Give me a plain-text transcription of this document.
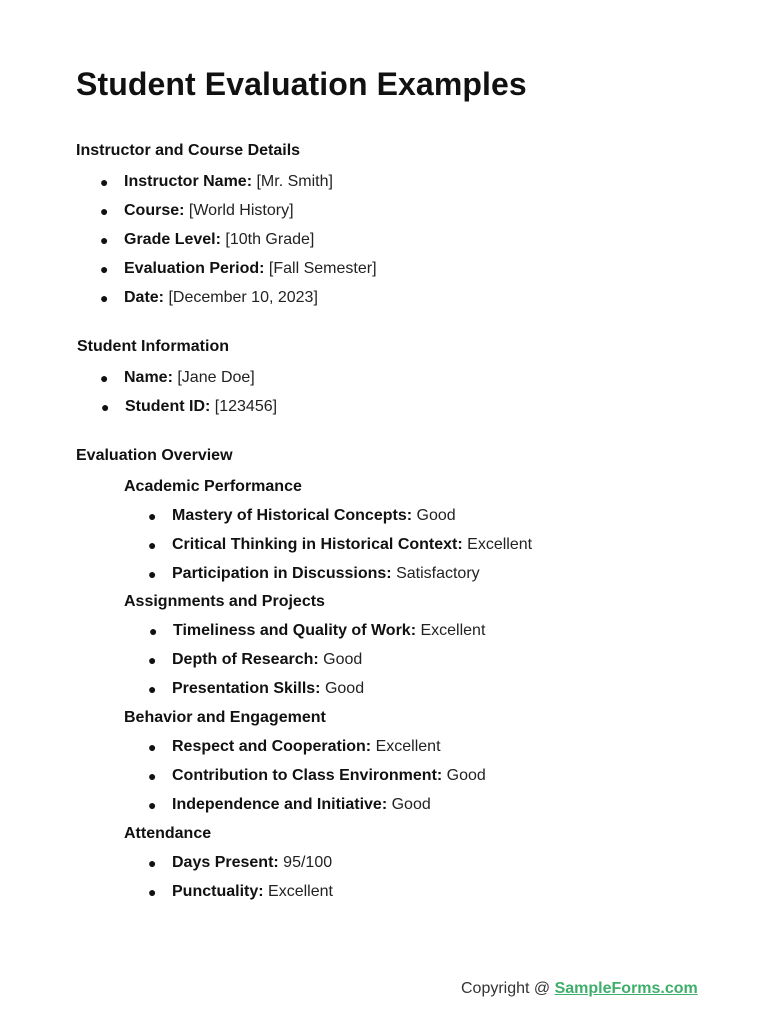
Student Evaluation Examples
Instructor and Course Details
● Instructor Name: [Mr. Smith]
● Course: [World History]
● Grade Level: [10th Grade]
● Evaluation Period: [Fall Semester]
● Date: [December 10, 2023]
Student Information
● Name: [Jane Doe]
● Student ID: [123456]
Evaluation Overview
Academic Performance
● Mastery of Historical Concepts: Good
● Critical Thinking in Historical Context: Excellent
● Participation in Discussions: Satisfactory
Assignments and Projects
● Timeliness and Quality of Work: Excellent
● Depth of Research: Good
● Presentation Skills: Good
Behavior and Engagement
● Respect and Cooperation: Excellent
● Contribution to Class Environment: Good
● Independence and Initiative: Good
Attendance
● Days Present: 95/100
● Punctuality: Excellent
Copyright @ SampleForms.com
